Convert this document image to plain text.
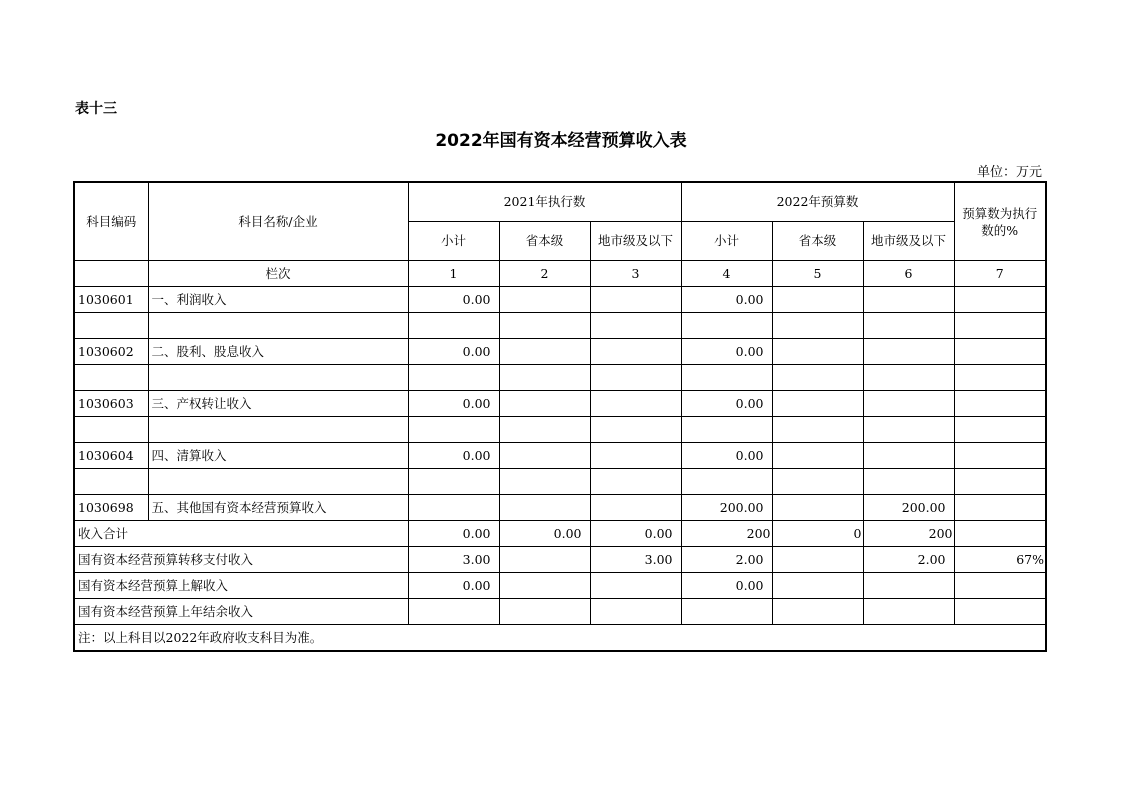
表十三
2022年国有资本经营预算收入表
单位：万元
科目编码	科目名称/企业	2021年执行数			2022年预算数			预算数为执行数的%
		小计	省本级	地市级及以下	小计	省本级	地市级及以下	
	栏次	1	2	3	4	5	6	7
1030601	一、利润收入	0.00			0.00			

1030602	二、股利、股息收入	0.00			0.00			

1030603	三、产权转让收入	0.00			0.00			

1030604	四、清算收入	0.00			0.00			

1030698	五、其他国有资本经营预算收入				200.00		200.00	
收入合计		0.00	0.00	0.00	200	0	200	
国有资本经营预算转移支付收入		3.00		3.00	2.00		2.00	67%
国有资本经营预算上解收入		0.00			0.00			
国有资本经营预算上年结余收入								
注：以上科目以2022年政府收支科目为准。								
